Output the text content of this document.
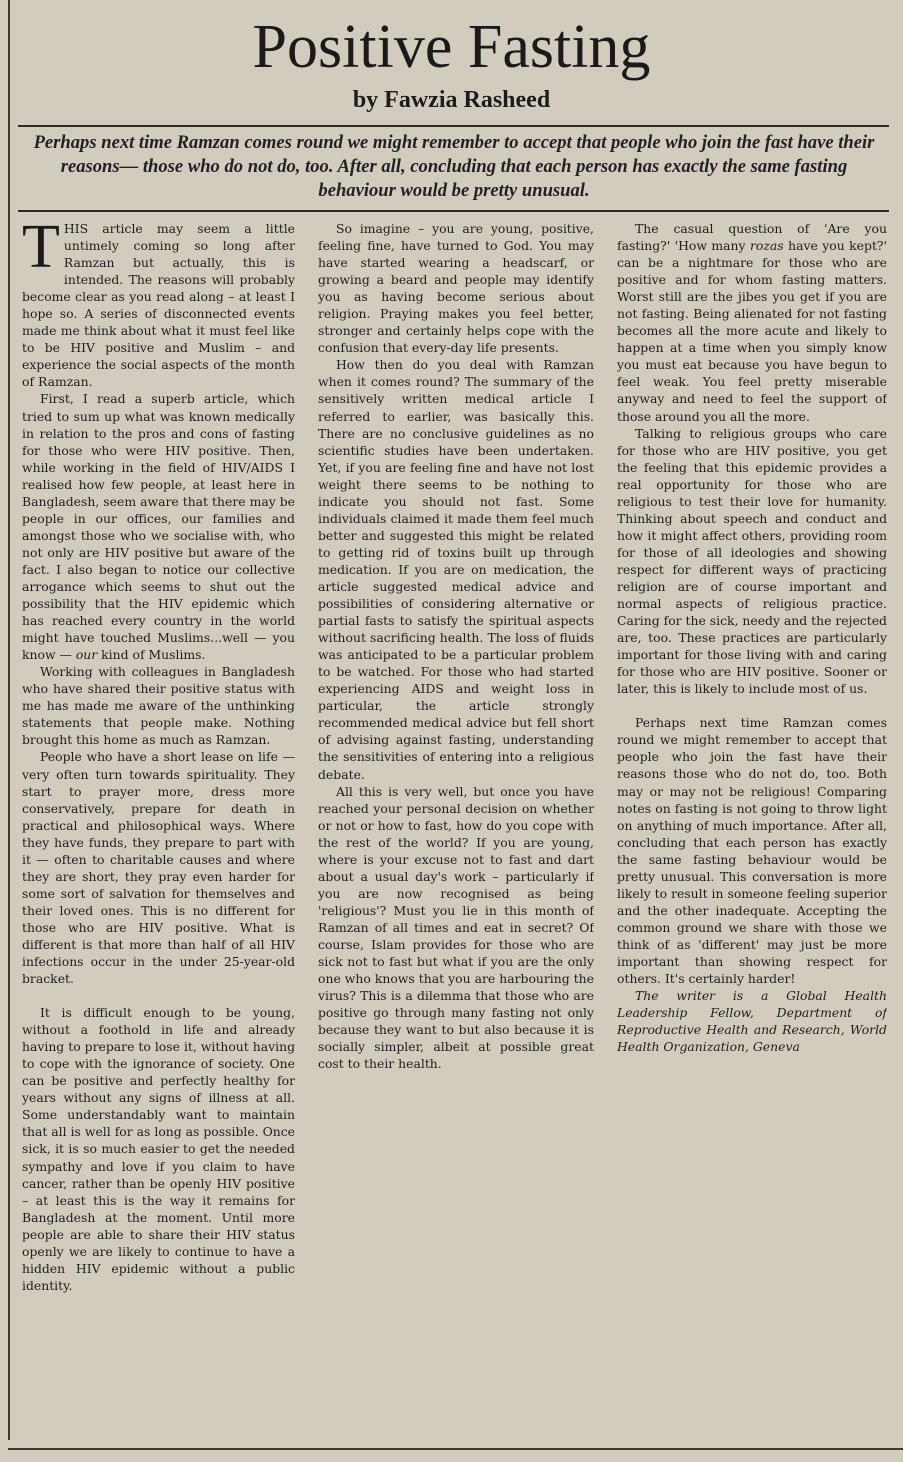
Positive Fasting
by Fawzia Rasheed
Perhaps next time Ramzan comes round we might remember to accept that people who join the fast have their reasons— those who do not do, too. After all, concluding that each person has exactly the same fasting behaviour would be pretty unusual.

THIS article may seem a little untimely coming so long after Ramzan but actually, this is intended. The reasons will probably become clear as you read along – at least I hope so. A series of disconnected events made me think about what it must feel like to be HIV positive and Muslim – and experience the social aspects of the month of Ramzan.

First, I read a superb article, which tried to sum up what was known medically in relation to the pros and cons of fasting for those who were HIV positive. Then, while working in the field of HIV/AIDS I realised how few people, at least here in Bangladesh, seem aware that there may be people in our offices, our families and amongst those who we socialise with, who not only are HIV positive but aware of the fact. I also began to notice our collective arrogance which seems to shut out the possibility that the HIV epidemic which has reached every country in the world might have touched Muslims...well — you know — our kind of Muslims.

Working with colleagues in Bangladesh who have shared their positive status with me has made me aware of the unthinking statements that people make. Nothing brought this home as much as Ramzan.

People who have a short lease on life — very often turn towards spirituality. They start to prayer more, dress more conservatively, prepare for death in practical and philosophical ways. Where they have funds, they prepare to part with it — often to charitable causes and where they are short, they pray even harder for some sort of salvation for themselves and their loved ones. This is no different for those who are HIV positive. What is different is that more than half of all HIV infections occur in the under 25-year-old bracket.

It is difficult enough to be young, without a foothold in life and already having to prepare to lose it, without having to cope with the ignorance of society. One can be positive and perfectly healthy for years without any signs of illness at all. Some understandably want to maintain that all is well for as long as possible. Once sick, it is so much easier to get the needed sympathy and love if you claim to have cancer, rather than be openly HIV positive – at least this is the way it remains for Bangladesh at the moment. Until more people are able to share their HIV status openly we are likely to continue to have a hidden HIV epidemic without a public identity.

So imagine – you are young, positive, feeling fine, have turned to God. You may have started wearing a headscarf, or growing a beard and people may identify you as having become serious about religion. Praying makes you feel better, stronger and certainly helps cope with the confusion that every-day life presents.

How then do you deal with Ramzan when it comes round? The summary of the sensitively written medical article I referred to earlier, was basically this. There are no conclusive guidelines as no scientific studies have been undertaken. Yet, if you are feeling fine and have not lost weight there seems to be nothing to indicate you should not fast. Some individuals claimed it made them feel much better and suggested this might be related to getting rid of toxins built up through medication. If you are on medication, the article suggested medical advice and possibilities of considering alternative or partial fasts to satisfy the spiritual aspects without sacrificing health. The loss of fluids was anticipated to be a particular problem to be watched. For those who had started experiencing AIDS and weight loss in particular, the article strongly recommended medical advice but fell short of advising against fasting, understanding the sensitivities of entering into a religious debate.

All this is very well, but once you have reached your personal decision on whether or not or how to fast, how do you cope with the rest of the world? If you are young, where is your excuse not to fast and dart about a usual day's work – particularly if you are now recognised as being 'religious'? Must you lie in this month of Ramzan of all times and eat in secret? Of course, Islam provides for those who are sick not to fast but what if you are the only one who knows that you are harbouring the virus? This is a dilemma that those who are positive go through many fasting not only because they want to but also because it is socially simpler, albeit at possible great cost to their health.

The casual question of 'Are you fasting?' 'How many rozas have you kept?' can be a nightmare for those who are positive and for whom fasting matters. Worst still are the jibes you get if you are not fasting. Being alienated for not fasting becomes all the more acute and likely to happen at a time when you simply know you must eat because you have begun to feel weak. You feel pretty miserable anyway and need to feel the support of those around you all the more.

Talking to religious groups who care for those who are HIV positive, you get the feeling that this epidemic provides a real opportunity for those who are religious to test their love for humanity. Thinking about speech and conduct and how it might affect others, providing room for those of all ideologies and showing respect for different ways of practicing religion are of course important and normal aspects of religious practice. Caring for the sick, needy and the rejected are, too. These practices are particularly important for those living with and caring for those who are HIV positive. Sooner or later, this is likely to include most of us.

Perhaps next time Ramzan comes round we might remember to accept that people who join the fast have their reasons those who do not do, too. Both may or may not be religious! Comparing notes on fasting is not going to throw light on anything of much importance. After all, concluding that each person has exactly the same fasting behaviour would be pretty unusual. This conversation is more likely to result in someone feeling superior and the other inadequate. Accepting the common ground we share with those we think of as 'different' may just be more important than showing respect for others. It's certainly harder!

The writer is a Global Health Leadership Fellow, Department of Reproductive Health and Research, World Health Organization, Geneva
